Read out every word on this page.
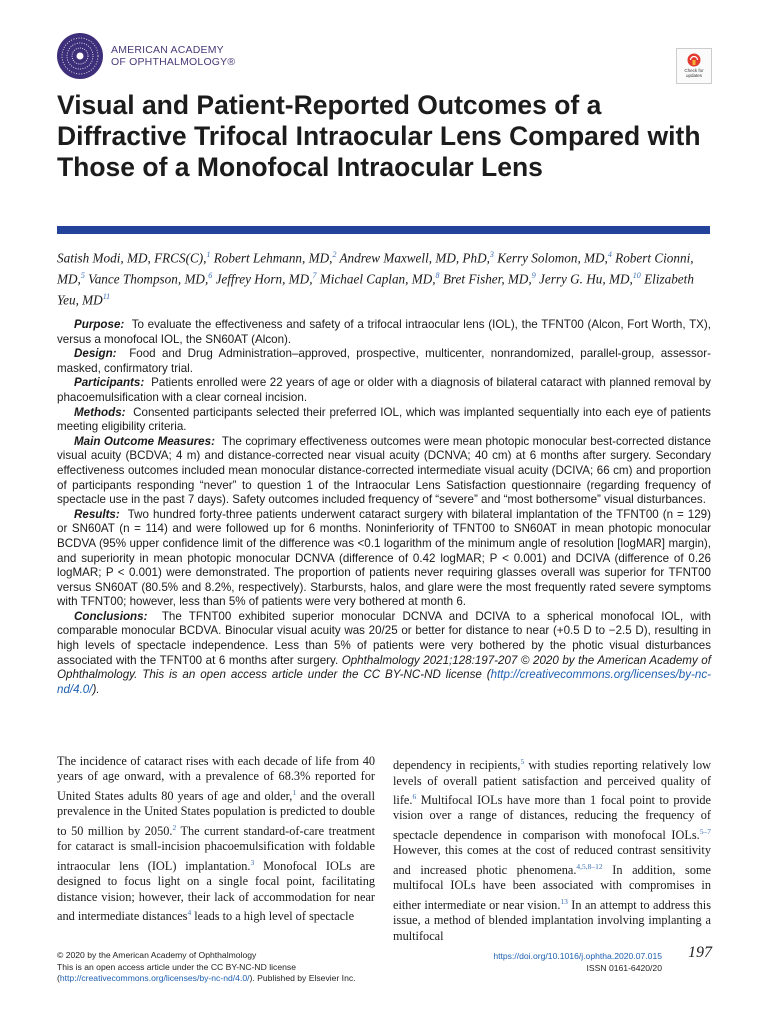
AMERICAN ACADEMY
OF OPHTHALMOLOGY®
Check for
updates
Visual and Patient-Reported Outcomes of a Diffractive Trifocal Intraocular Lens Compared with Those of a Monofocal Intraocular Lens
Satish Modi, MD, FRCS(C),$^1$ Robert Lehmann, MD,$^2$ Andrew Maxwell, MD, PhD,$^3$ Kerry Solomon, MD,$^4$ Robert Cionni, MD,$^5$ Vance Thompson, MD,$^6$ Jeffrey Horn, MD,$^7$ Michael Caplan, MD,$^8$ Bret Fisher, MD,$^9$ Jerry G. Hu, MD,$^{10}$ Elizabeth Yeu, MD$^{11}$

Purpose: To evaluate the effectiveness and safety of a trifocal intraocular lens (IOL), the TFNT00 (Alcon, Fort Worth, TX), versus a monofocal IOL, the SN60AT (Alcon).

Design: Food and Drug Administration–approved, prospective, multicenter, nonrandomized, parallel-group, assessor-masked, confirmatory trial.

Participants: Patients enrolled were 22 years of age or older with a diagnosis of bilateral cataract with planned removal by phacoemulsification with a clear corneal incision.

Methods: Consented participants selected their preferred IOL, which was implanted sequentially into each eye of patients meeting eligibility criteria.

Main Outcome Measures: The coprimary effectiveness outcomes were mean photopic monocular best-corrected distance visual acuity (BCDVA; 4 m) and distance-corrected near visual acuity (DCNVA; 40 cm) at 6 months after surgery. Secondary effectiveness outcomes included mean monocular distance-corrected intermediate visual acuity (DCIVA; 66 cm) and proportion of participants responding “never” to question 1 of the Intraocular Lens Satisfaction questionnaire (regarding frequency of spectacle use in the past 7 days). Safety outcomes included frequency of “severe” and “most bothersome” visual disturbances.

Results: Two hundred forty-three patients underwent cataract surgery with bilateral implantation of the TFNT00 (n = 129) or SN60AT (n = 114) and were followed up for 6 months. Noninferiority of TFNT00 to SN60AT in mean photopic monocular BCDVA (95% upper confidence limit of the difference was <0.1 logarithm of the minimum angle of resolution [logMAR] margin), and superiority in mean photopic monocular DCNVA (difference of 0.42 logMAR; P < 0.001) and DCIVA (difference of 0.26 logMAR; P < 0.001) were demonstrated. The proportion of patients never requiring glasses overall was superior for TFNT00 versus SN60AT (80.5% and 8.2%, respectively). Starbursts, halos, and glare were the most frequently rated severe symptoms with TFNT00; however, less than 5% of patients were very bothered at month 6.

Conclusions: The TFNT00 exhibited superior monocular DCNVA and DCIVA to a spherical monofocal IOL, with comparable monocular BCDVA. Binocular visual acuity was 20/25 or better for distance to near (+0.5 D to −2.5 D), resulting in high levels of spectacle independence. Less than 5% of patients were very bothered by the photic visual disturbances associated with the TFNT00 at 6 months after surgery. Ophthalmology 2021;128:197-207 © 2020 by the American Academy of Ophthalmology. This is an open access article under the CC BY-NC-ND license (http://creativecommons.org/licenses/by-nc-nd/4.0/).

The incidence of cataract rises with each decade of life from 40 years of age onward, with a prevalence of 68.3% reported for United States adults 80 years of age and older,$^1$ and the overall prevalence in the United States population is predicted to double to 50 million by 2050.$^2$ The current standard-of-care treatment for cataract is small-incision phacoemulsification with foldable intraocular lens (IOL) implantation.$^3$ Monofocal IOLs are designed to focus light on a single focal point, facilitating distance vision; however, their lack of accommodation for near and intermediate distances$^4$ leads to a high level of spectacle

dependency in recipients,$^5$ with studies reporting relatively low levels of overall patient satisfaction and perceived quality of life.$^6$ Multifocal IOLs have more than 1 focal point to provide vision over a range of distances, reducing the frequency of spectacle dependence in comparison with monofocal IOLs.$^{5-7}$ However, this comes at the cost of reduced contrast sensitivity and increased photic phenomena.$^{4,5,8-12}$ In addition, some multifocal IOLs have been associated with compromises in either intermediate or near vision.$^{13}$ In an attempt to address this issue, a method of blended implantation involving implanting a multifocal

© 2020 by the American Academy of Ophthalmology
This is an open access article under the CC BY-NC-ND license
(http://creativecommons.org/licenses/by-nc-nd/4.0/). Published by Elsevier Inc.
https://doi.org/10.1016/j.ophtha.2020.07.015
ISSN 0161-6420/20
197
